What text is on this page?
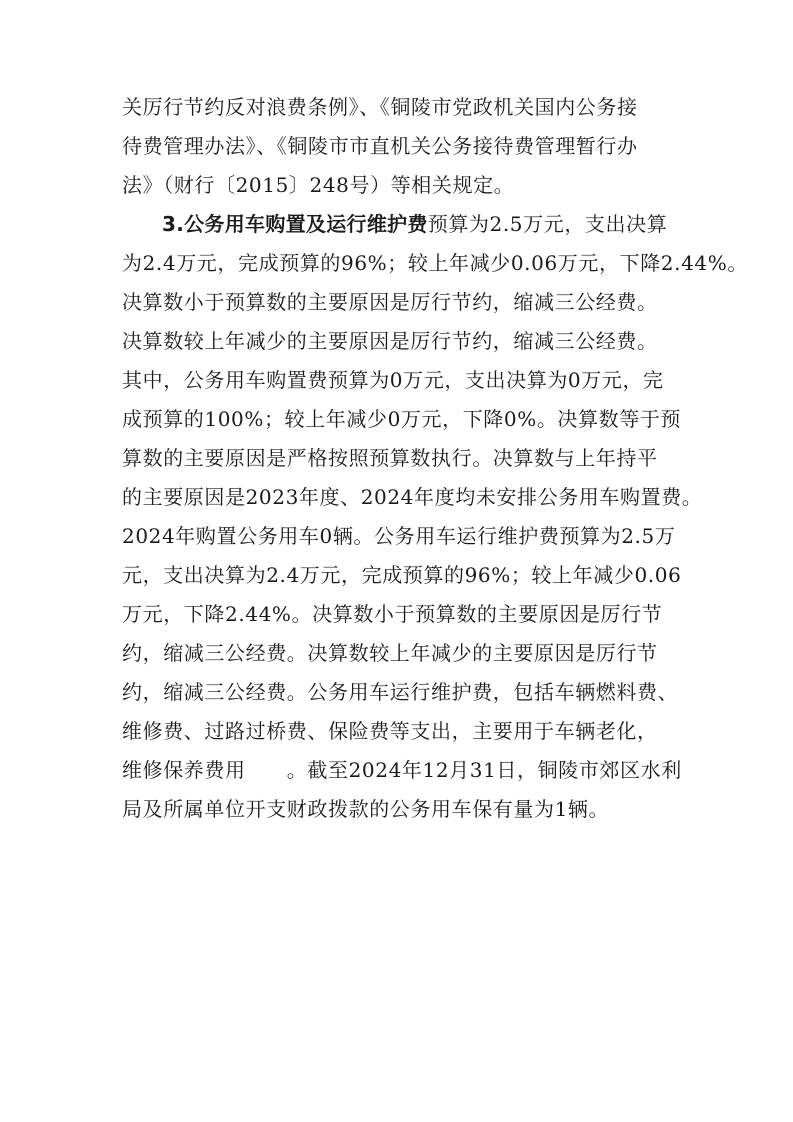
关厉行节约反对浪费条例》、《铜陵市党政机关国内公务接
待费管理办法》、《铜陵市市直机关公务接待费管理暂行办
法》（财行〔2015〕248号）等相关规定。
3.公务用车购置及运行维护费预算为2.5万元，支出决算
为2.4万元，完成预算的96%；较上年减少0.06万元，下降2.44%。
决算数小于预算数的主要原因是厉行节约，缩减三公经费。
决算数较上年减少的主要原因是厉行节约，缩减三公经费。
其中，公务用车购置费预算为0万元，支出决算为0万元，完
成预算的100%；较上年减少0万元，下降0%。决算数等于预
算数的主要原因是严格按照预算数执行。决算数与上年持平
的主要原因是2023年度、2024年度均未安排公务用车购置费。
2024年购置公务用车0辆。公务用车运行维护费预算为2.5万
元，支出决算为2.4万元，完成预算的96%；较上年减少0.06
万元，下降2.44%。决算数小于预算数的主要原因是厉行节
约，缩减三公经费。决算数较上年减少的主要原因是厉行节
约，缩减三公经费。公务用车运行维护费，包括车辆燃料费、
维修费、过路过桥费、保险费等支出，主要用于车辆老化，
维修保养费用　　。截至2024年12月31日，铜陵市郊区水利
局及所属单位开支财政拨款的公务用车保有量为1辆。
